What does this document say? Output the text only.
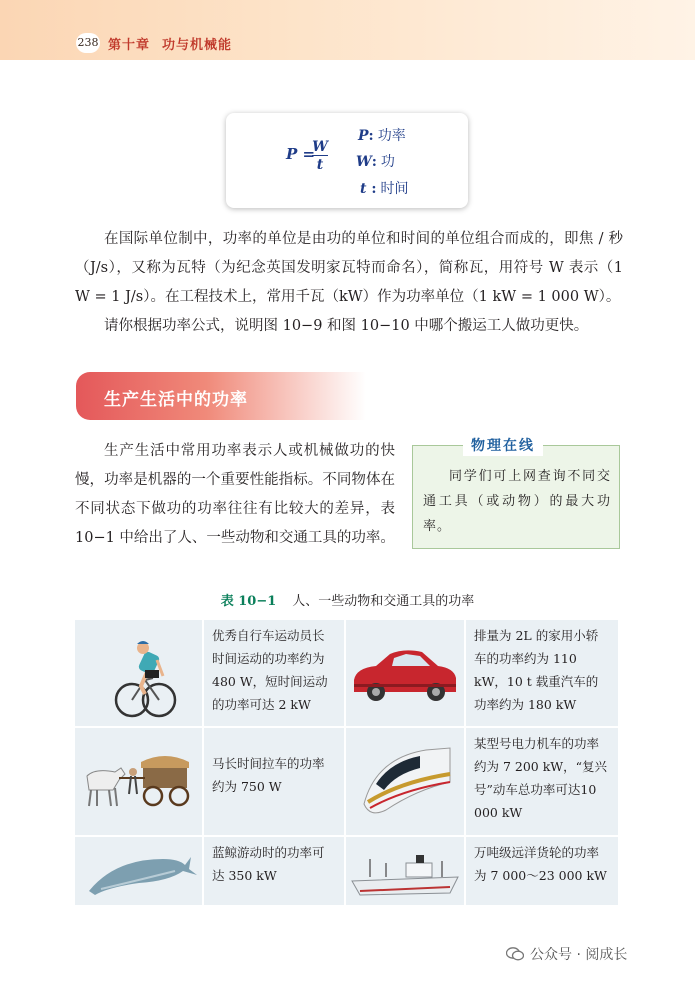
238 第十章 功与机械能
P =
$\frac{W}{t}$
P: 功率
W: 功
t : 时间

在国际单位制中，功率的单位是由功的单位和时间的单位组合而成的，即焦 / 秒（J/s），又称为瓦特（为纪念英国发明家瓦特而命名），简称瓦，用符号 W 表示（1 W = 1 J/s）。在工程技术上，常用千瓦（kW）作为功率单位（1 kW = 1 000 W）。

请你根据功率公式，说明图 10−9 和图 10−10 中哪个搬运工人做功更快。

生产生活中的功率

生产生活中常用功率表示人或机械做功的快慢，功率是机器的一个重要性能指标。不同物体在不同状态下做功的功率往往有比较大的差异，表 10−1 中给出了人、一些动物和交通工具的功率。

物理在线
同学们可上网查询不同交通工具（或动物）的最大功率。
表 10−1 人、一些动物和交通工具的功率
优秀自行车运动员长时间运动的功率约为480 W，短时间运动的功率可达 2 kW
排量为 2L 的家用小轿车的功率约为 110 kW，10 t 载重汽车的功率约为 180 kW
马长时间拉车的功率约为 750 W
某型号电力机车的功率约为 7 200 kW，“复兴号”动车总功率可达10 000 kW
蓝鲸游动时的功率可达 350 kW
万吨级远洋货轮的功率为 7 000～23 000 kW
公众号 · 阅成长
